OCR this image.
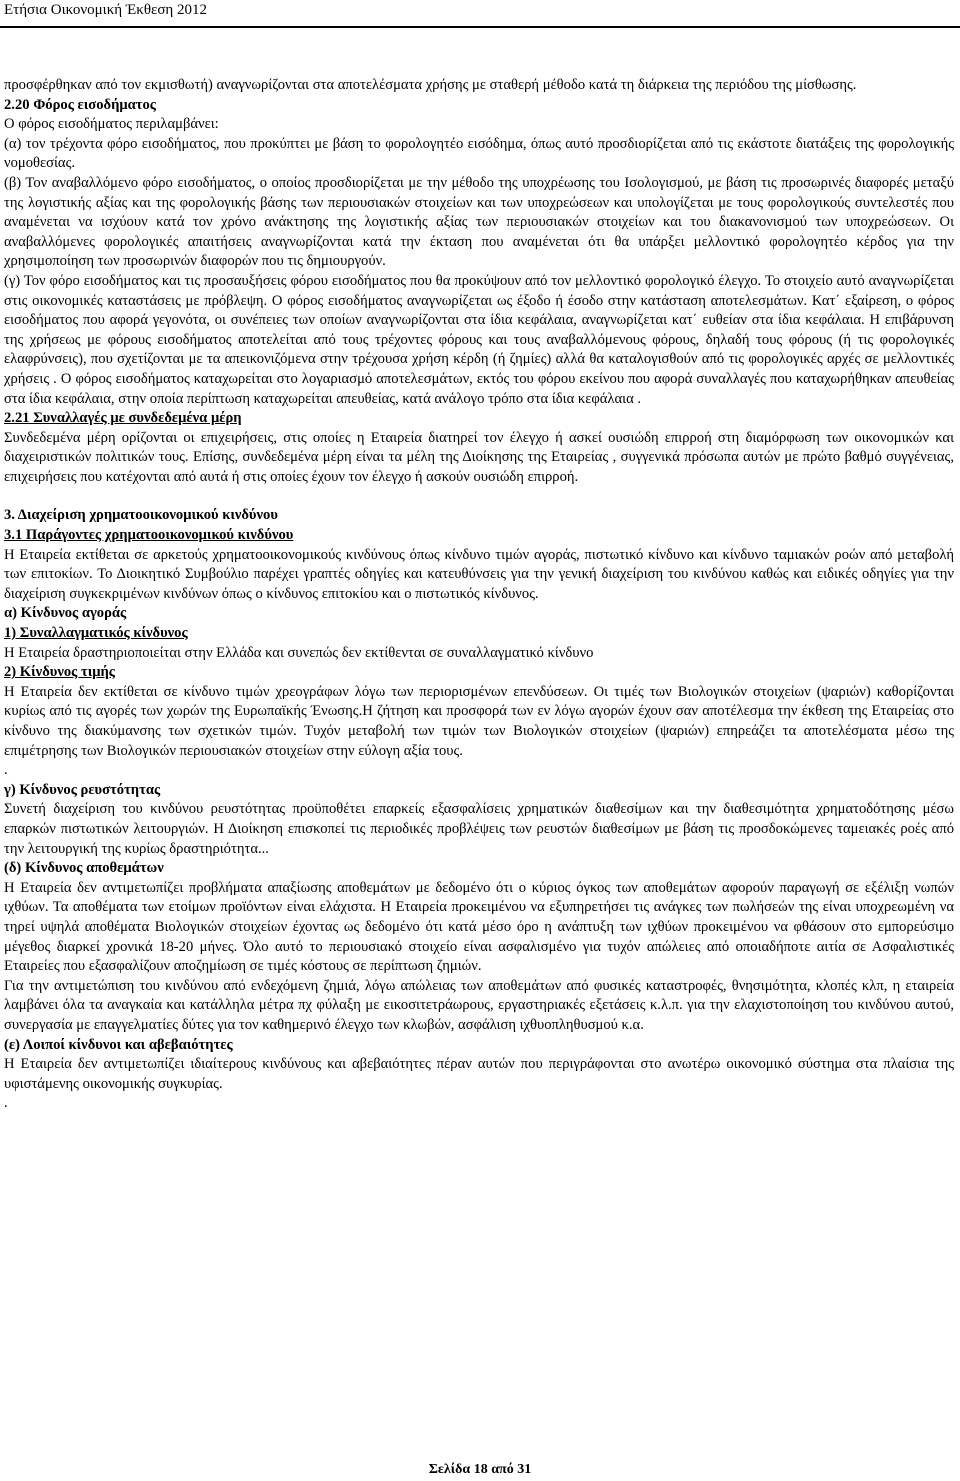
Ετήσια Οικονομική Έκθεση 2012

προσφέρθηκαν από τον εκμισθωτή) αναγνωρίζονται στα αποτελέσματα χρήσης με σταθερή μέθοδο κατά τη διάρκεια της περιόδου της μίσθωσης.

2.20 Φόρος εισοδήματος

Ο φόρος εισοδήματος περιλαμβάνει:

(α) τον τρέχοντα φόρο εισοδήματος, που προκύπτει με βάση το φορολογητέο εισόδημα, όπως αυτό προσδιορίζεται από τις εκάστοτε διατάξεις της φορολογικής νομοθεσίας.

(β) Τον αναβαλλόμενο φόρο εισοδήματος, ο οποίος προσδιορίζεται με την μέθοδο της υποχρέωσης του Ισολογισμού, με βάση τις προσωρινές διαφορές μεταξύ της λογιστικής αξίας και της φορολογικής βάσης των περιουσιακών στοιχείων και των υποχρεώσεων και υπολογίζεται με τους φορολογικούς συντελεστές που αναμένεται να ισχύουν κατά τον χρόνο ανάκτησης της λογιστικής αξίας των περιουσιακών στοιχείων και του διακανονισμού των υποχρεώσεων. Οι αναβαλλόμενες φορολογικές απαιτήσεις αναγνωρίζονται κατά την έκταση που αναμένεται ότι θα υπάρξει μελλοντικό φορολογητέο κέρδος για την χρησιμοποίηση των προσωρινών διαφορών που τις δημιουργούν.

(γ) Τον φόρο εισοδήματος και τις προσαυξήσεις φόρου εισοδήματος που θα προκύψουν από τον μελλοντικό φορολογικό έλεγχο. Το στοιχείο αυτό αναγνωρίζεται στις οικονομικές καταστάσεις με πρόβλεψη. Ο φόρος εισοδήματος αναγνωρίζεται ως έξοδο ή έσοδο στην κατάσταση αποτελεσμάτων. Κατ΄ εξαίρεση, ο φόρος εισοδήματος που αφορά γεγονότα, οι συνέπειες των οποίων αναγνωρίζονται στα ίδια κεφάλαια, αναγνωρίζεται κατ΄ ευθείαν στα ίδια κεφάλαια. Η επιβάρυνση της χρήσεως με φόρους εισοδήματος αποτελείται από τους τρέχοντες φόρους και τους αναβαλλόμενους φόρους, δηλαδή τους φόρους (ή τις φορολογικές ελαφρύνσεις), που σχετίζονται με τα απεικονιζόμενα στην τρέχουσα χρήση κέρδη (ή ζημίες) αλλά θα καταλογισθούν από τις φορολογικές αρχές σε μελλοντικές χρήσεις . Ο φόρος εισοδήματος καταχωρείται στο λογαριασμό αποτελεσμάτων, εκτός του φόρου εκείνου που αφορά συναλλαγές που καταχωρήθηκαν απευθείας στα ίδια κεφάλαια, στην οποία περίπτωση καταχωρείται απευθείας, κατά ανάλογο τρόπο στα ίδια κεφάλαια .

2.21 Συναλλαγές με συνδεδεμένα μέρη

Συνδεδεμένα μέρη ορίζονται οι επιχειρήσεις, στις οποίες η Εταιρεία διατηρεί τον έλεγχο ή ασκεί ουσιώδη επιρροή στη διαμόρφωση των οικονομικών και διαχειριστικών πολιτικών τους. Επίσης, συνδεδεμένα μέρη είναι τα μέλη της Διοίκησης της Εταιρείας , συγγενικά πρόσωπα αυτών με πρώτο βαθμό συγγένειας, επιχειρήσεις που κατέχονται από αυτά ή στις οποίες έχουν τον έλεγχο ή ασκούν ουσιώδη επιρροή.

3. Διαχείριση χρηματοοικονομικού κινδύνου
3.1 Παράγοντες χρηματοοικονομικού κινδύνου

Η Εταιρεία εκτίθεται σε αρκετούς χρηματοοικονομικούς κινδύνους όπως κίνδυνο τιμών αγοράς, πιστωτικό κίνδυνο και κίνδυνο ταμιακών ροών από μεταβολή των επιτοκίων. Το Διοικητικό Συμβούλιο παρέχει γραπτές οδηγίες και κατευθύνσεις για την γενική διαχείριση του κινδύνου καθώς και ειδικές οδηγίες για την διαχείριση συγκεκριμένων κινδύνων όπως ο κίνδυνος επιτοκίου και ο πιστωτικός κίνδυνος.

α) Κίνδυνος αγοράς
1) Συναλλαγματικός κίνδυνος

Η Εταιρεία δραστηριοποιείται στην Ελλάδα και συνεπώς δεν εκτίθενται σε συναλλαγματικό κίνδυνο

2) Κίνδυνος τιμής

Η Εταιρεία δεν εκτίθεται σε κίνδυνο τιμών χρεογράφων λόγω των περιορισμένων επενδύσεων. Οι τιμές των Βιολογικών στοιχείων (ψαριών) καθορίζονται κυρίως από τις αγορές των χωρών της Ευρωπαϊκής Ένωσης.Η ζήτηση και προσφορά των εν λόγω αγορών έχουν σαν αποτέλεσμα την έκθεση της Εταιρείας στο κίνδυνο της διακύμανσης των σχετικών τιμών. Τυχόν μεταβολή των τιμών των Βιολογικών στοιχείων (ψαριών) επηρεάζει τα αποτελέσματα μέσω της επιμέτρησης των Βιολογικών περιουσιακών στοιχείων στην εύλογη αξία τους.

.

γ) Κίνδυνος ρευστότητας

Συνετή διαχείριση του κινδύνου ρευστότητας προϋποθέτει επαρκείς εξασφαλίσεις χρηματικών διαθεσίμων και την διαθεσιμότητα χρηματοδότησης μέσω επαρκών πιστωτικών λειτουργιών. Η Διοίκηση επισκοπεί τις περιοδικές προβλέψεις των ρευστών διαθεσίμων με βάση τις προσδοκώμενες ταμειακές ροές από την λειτουργική της κυρίως δραστηριότητα...

(δ) Κίνδυνος αποθεμάτων

Η Εταιρεία δεν αντιμετωπίζει προβλήματα απαξίωσης αποθεμάτων με δεδομένο ότι ο κύριος όγκος των αποθεμάτων αφορούν παραγωγή σε εξέλιξη νωπών ιχθύων. Τα αποθέματα των ετοίμων προϊόντων είναι ελάχιστα. Η Εταιρεία προκειμένου να εξυπηρετήσει τις ανάγκες των πωλήσεών της είναι υποχρεωμένη να τηρεί υψηλά αποθέματα Βιολογικών στοιχείων έχοντας ως δεδομένο ότι κατά μέσο όρο η ανάπτυξη των ιχθύων προκειμένου να φθάσουν στο εμπορεύσιμο μέγεθος διαρκεί χρονικά 18-20 μήνες. Όλο αυτό το περιουσιακό στοιχείο είναι ασφαλισμένο για τυχόν απώλειες από οποιαδήποτε αιτία σε Ασφαλιστικές Εταιρείες που εξασφαλίζουν αποζημίωση σε τιμές κόστους σε περίπτωση ζημιών.

Για την αντιμετώπιση του κινδύνου από ενδεχόμενη ζημιά, λόγω απώλειας των αποθεμάτων από φυσικές καταστροφές, θνησιμότητα, κλοπές κλπ, η εταιρεία λαμβάνει όλα τα αναγκαία και κατάλληλα μέτρα πχ φύλαξη με εικοσιτετράωρους, εργαστηριακές εξετάσεις κ.λ.π. για την ελαχιστοποίηση του κινδύνου αυτού, συνεργασία με επαγγελματίες δύτες για τον καθημερινό έλεγχο των κλωβών, ασφάλιση ιχθυοπληθυσμού κ.α.

(ε) Λοιποί κίνδυνοι και αβεβαιότητες

Η Εταιρεία δεν αντιμετωπίζει ιδιαίτερους κινδύνους και αβεβαιότητες πέραν αυτών που περιγράφονται στο ανωτέρω οικονομικό σύστημα στα πλαίσια της υφιστάμενης οικονομικής συγκυρίας.

.

Σελίδα 18 από 31
